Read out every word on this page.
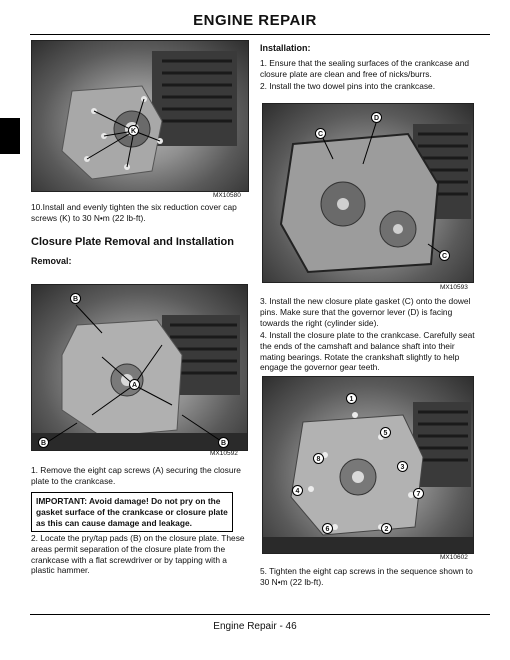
ENGINE REPAIR
K
MX10580
10.Install and evenly tighten the six reduction cover cap screws (K) to 30 N•m (22 lb-ft).
Closure Plate Removal and Installation
Removal:
B
A
B	B
MX10592
1. Remove the eight cap screws (A) securing the closure plate to the crankcase.
IMPORTANT: Avoid damage! Do not pry on the gasket surface of the crankcase or closure plate as this can cause damage and leakage.
2. Locate the pry/tap pads (B) on the closure plate. These areas permit separation of the closure plate from the crankcase with a flat screwdriver or by tapping with a plastic hammer.
Installation:
1. Ensure that the sealing surfaces of the crankcase and closure plate are clean and free of nicks/burrs.
2. Install the two dowel pins into the crankcase.
D
C
C
MX10593
3. Install the new closure plate gasket (C) onto the dowel pins. Make sure that the governor lever (D) is facing towards the right (cylinder side).
4. Install the closure plate to the crankcase. Carefully seat the ends of the camshaft and balance shaft into their mating bearings. Rotate the crankshaft slightly to help engage the governor gear teeth.
1
5
8
3
4	7
6	2
MX10602
5. Tighten the eight cap screws in the sequence shown to 30 N•m (22 lb-ft).
Engine Repair - 46
